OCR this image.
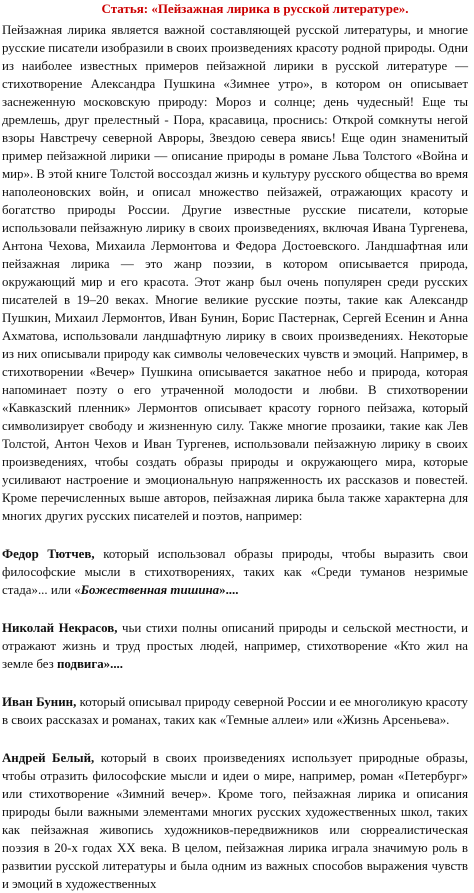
Статья: «Пейзажная лирика в русской литературе».

Пейзажная лирика является важной составляющей русской литературы, и многие русские писатели изобразили в своих произведениях красоту родной природы. Одни из наиболее известных примеров пейзажной лирики в русской литературе — стихотворение Александра Пушкина «Зимнее утро», в котором он описывает заснеженную московскую природу: Мороз и солнце; день чудесный! Еще ты дремлешь, друг прелестный - Пора, красавица, проснись: Открой сомкнуты негой взоры Навстречу северной Авроры, Звездою севера явись! Еще один знаменитый пример пейзажной лирики — описание природы в романе Льва Толстого «Война и мир». В этой книге Толстой воссоздал жизнь и культуру русского общества во время наполеоновских войн, и описал множество пейзажей, отражающих красоту и богатство природы России. Другие известные русские писатели, которые использовали пейзажную лирику в своих произведениях, включая Ивана Тургенева, Антона Чехова, Михаила Лермонтова и Федора Достоевского. Ландшафтная или пейзажная лирика — это жанр поэзии, в котором описывается природа, окружающий мир и его красота. Этот жанр был очень популярен среди русских писателей в 19–20 веках. Многие великие русские поэты, такие как Александр Пушкин, Михаил Лермонтов, Иван Бунин, Борис Пастернак, Сергей Есенин и Анна Ахматова, использовали ландшафтную лирику в своих произведениях. Некоторые из них описывали природу как символы человеческих чувств и эмоций. Например, в стихотворении «Вечер» Пушкина описывается закатное небо и природа, которая напоминает поэту о его утраченной молодости и любви. В стихотворении «Кавказский пленник» Лермонтов описывает красоту горного пейзажа, который символизирует свободу и жизненную силу. Также многие прозаики, такие как Лев Толстой, Антон Чехов и Иван Тургенев, использовали пейзажную лирику в своих произведениях, чтобы создать образы природы и окружающего мира, которые усиливают настроение и эмоциональную напряженность их рассказов и повестей. Кроме перечисленных выше авторов, пейзажная лирика была также характерна для многих других русских писателей и поэтов, например:

Федор Тютчев, который использовал образы природы, чтобы выразить свои философские мысли в стихотворениях, таких как «Среди туманов незримые стада»... или «Божественная тишина»....

Николай Некрасов, чьи стихи полны описаний природы и сельской местности, и отражают жизнь и труд простых людей, например, стихотворение «Кто жил на земле без подвига»....

Иван Бунин, который описывал природу северной России и ее многоликую красоту в своих рассказах и романах, таких как «Темные аллеи» или «Жизнь Арсеньева».

Андрей Белый, который в своих произведениях использует природные образы, чтобы отразить философские мысли и идеи о мире, например, роман «Петербург» или стихотворение «Зимний вечер». Кроме того, пейзажная лирика и описания природы были важными элементами многих русских художественных школ, таких как пейзажная живопись художников-передвижников или сюрреалистическая поэзия в 20-х годах XX века. В целом, пейзажная лирика играла значимую роль в развитии русской литературы и была одним из важных способов выражения чувств и эмоций в художественных
